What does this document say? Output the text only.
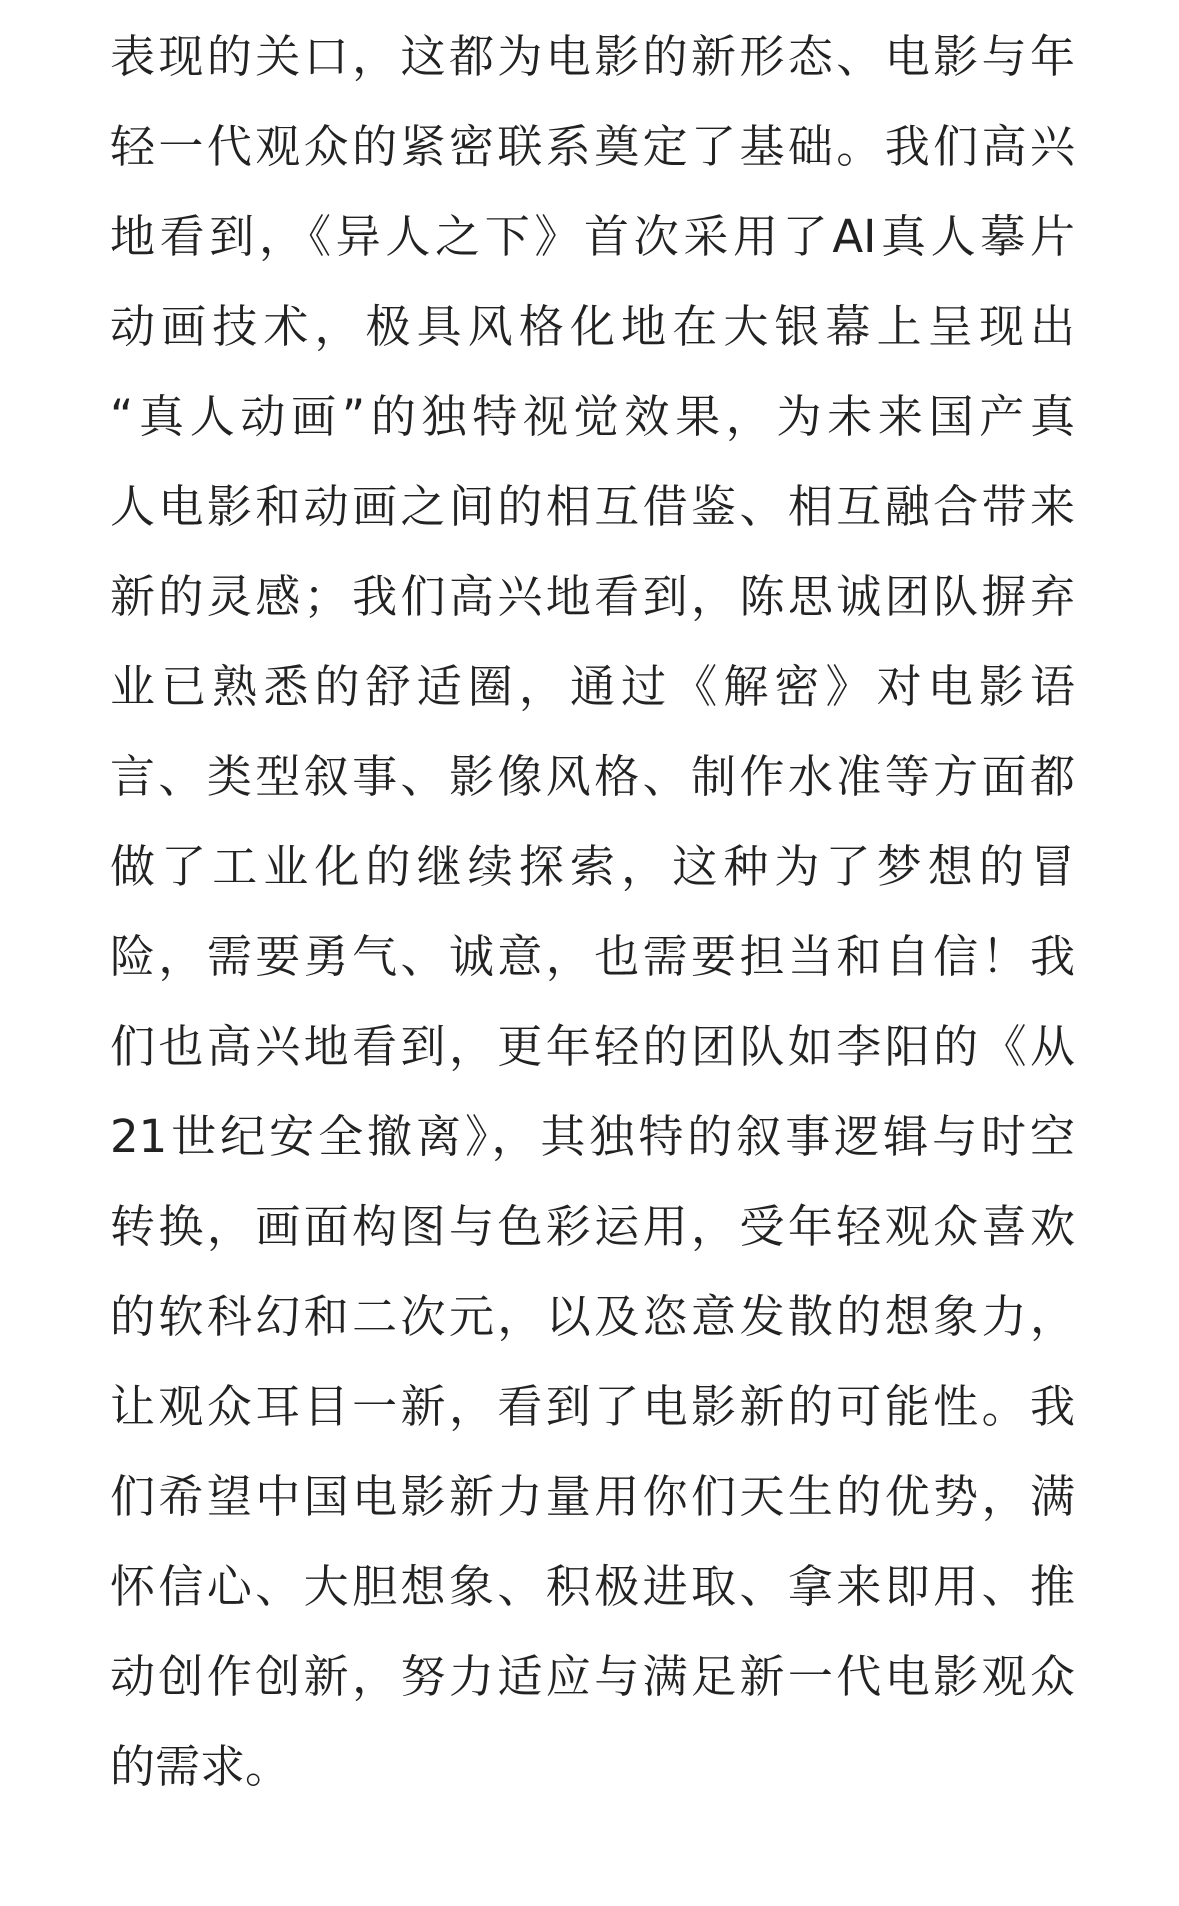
表现的关口，这都为电影的新形态、电影与年
轻一代观众的紧密联系奠定了基础。我们高兴
地看到，《异人之下》首次采用了AI真人摹片
动画技术，极具风格化地在大银幕上呈现出
“真人动画”的独特视觉效果，为未来国产真
人电影和动画之间的相互借鉴、相互融合带来
新的灵感；我们高兴地看到，陈思诚团队摒弃
业已熟悉的舒适圈，通过《解密》对电影语
言、类型叙事、影像风格、制作水准等方面都
做了工业化的继续探索，这种为了梦想的冒
险，需要勇气、诚意，也需要担当和自信！我
们也高兴地看到，更年轻的团队如李阳的《从
21世纪安全撤离》，其独特的叙事逻辑与时空
转换，画面构图与色彩运用，受年轻观众喜欢
的软科幻和二次元，以及恣意发散的想象力，
让观众耳目一新，看到了电影新的可能性。我
们希望中国电影新力量用你们天生的优势，满
怀信心、大胆想象、积极进取、拿来即用、推
动创作创新，努力适应与满足新一代电影观众
的需求。
